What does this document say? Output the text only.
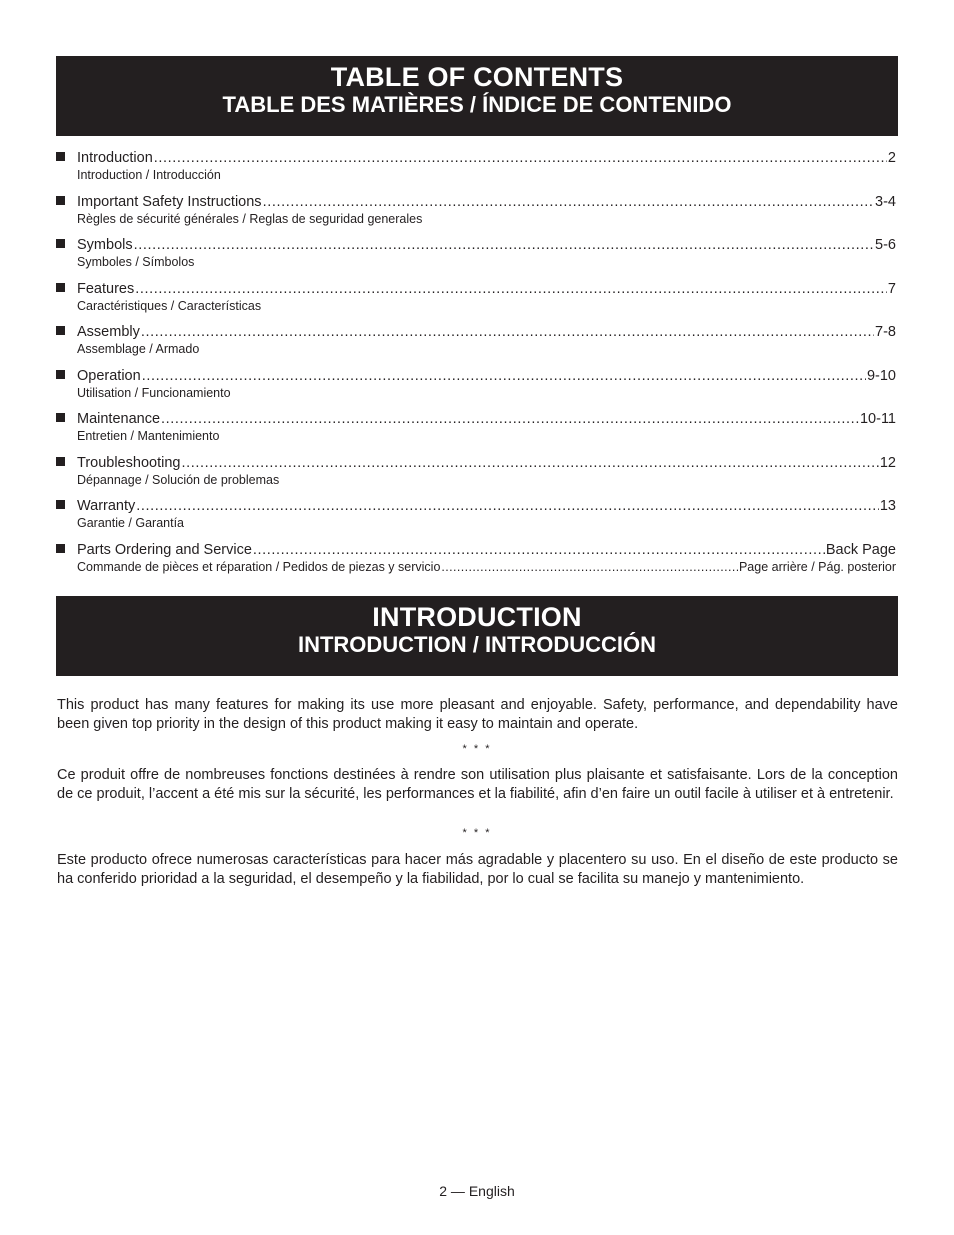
TABLE OF CONTENTS
TABLE DES MATIÈRES / ÍNDICE DE CONTENIDO
Introduction .....	2
Introduction / Introducción
Important Safety Instructions .....	3-4
Règles de sécurité générales / Reglas de seguridad generales
Symbols .....	5-6
Symboles / Símbolos
Features .....	7
Caractéristiques / Características
Assembly .....	7-8
Assemblage / Armado
Operation .....	9-10
Utilisation / Funcionamiento
Maintenance .....	10-11
Entretien / Mantenimiento
Troubleshooting .....	12
Dépannage / Solución de problemas
Warranty .....	13
Garantie / Garantía
Parts Ordering and Service .....	Back Page
Commande de pièces et réparation / Pedidos de piezas y servicio .....	Page arrière / Pág. posterior
INTRODUCTION
INTRODUCTION / INTRODUCCIÓN
This product has many features for making its use more pleasant and enjoyable. Safety, performance, and dependability have been given top priority in the design of this product making it easy to maintain and operate.
* * *
Ce produit offre de nombreuses fonctions destinées à rendre son utilisation plus plaisante et satisfaisante. Lors de la conception de ce produit, l’accent a été mis sur la sécurité, les performances et la fiabilité, afin d’en faire un outil facile à utiliser et à entretenir.
* * *
Este producto ofrece numerosas características para hacer más agradable y placentero su uso. En el diseño de este producto se ha conferido prioridad a la seguridad, el desempeño y la fiabilidad, por lo cual se facilita su manejo y mantenimiento.
2 — English
